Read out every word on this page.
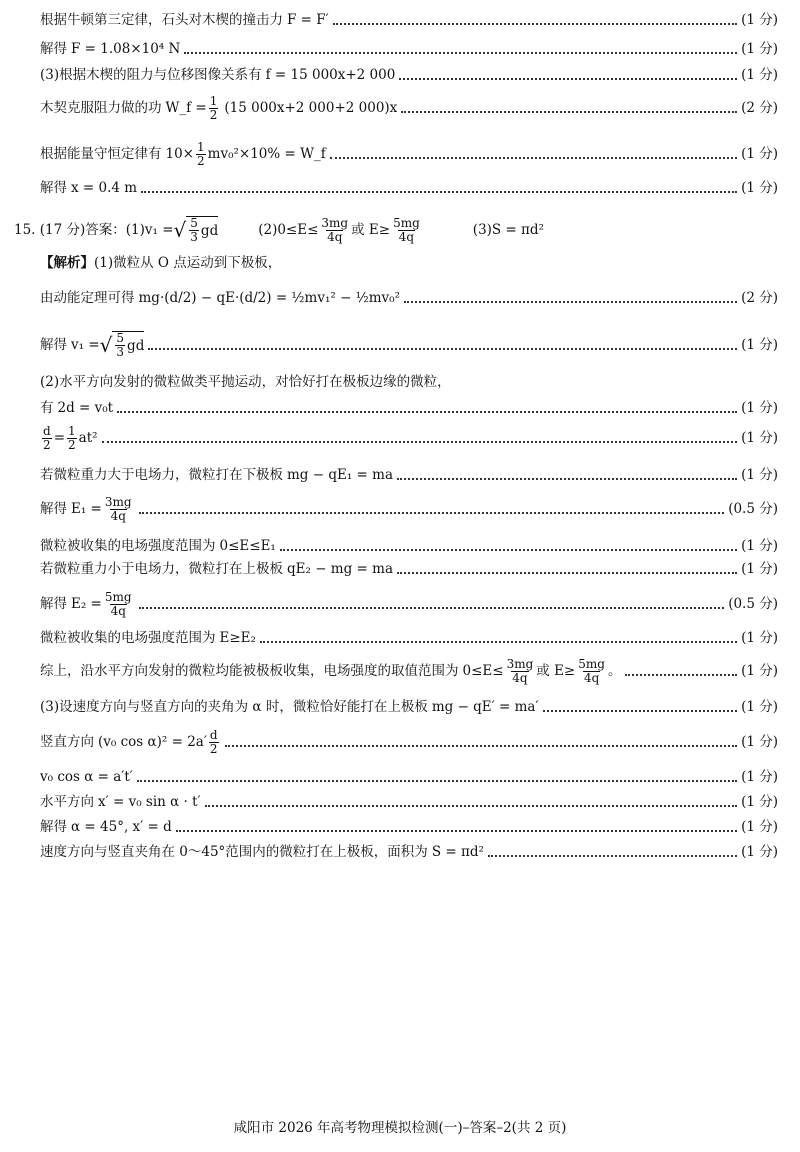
根据牛顿第三定律，石头对木楔的撞击力 F = F′	(1 分)
解得 F = 1.08×10⁴ N	(1 分)
(3)根据木楔的阻力与位移图像关系有 f = 15 000x+2 000	(1 分)
木契克服阻力做的功 W_f = $\frac{1}{2} (15$ 000x+2 000+2 000)x	(2 分)
根据能量守恒定律有 $10\times \frac{1}{2} mv_0^2\times 10\%$ = W_f	(1 分)
解得 x = 0.4 m	(1 分)
15. (17 分)答案： (1)v₁ = √ $\frac{5}{3}$ gd	$(2)0\le E\le \frac{3mg}{4q}$ 或 $E\ge \frac{5mg}{4q}$	(3)S = πd²
【解析】 (1)微粒从 O 点运动到下极板，
由动能定理可得 mg·(d/2) − qE·(d/2) = ½mv₁² − ½mv₀²	(2 分)
解得 v₁ = √ $\frac{5}{3}$ gd	(1 分)
(2)水平方向发射的微粒做类平抛运动，对恰好打在极板边缘的微粒，
有 2d = v₀t	(1 分)
$\frac{d}{2} = \frac{1}{2} at^2$	(1 分)
若微粒重力大于电场力，微粒打在下极板 mg − qE₁ = ma	(1 分)
解得 $E_1 = \frac{3mg}{4q}$	(0.5 分)
微粒被收集的电场强度范围为 0≤E≤E₁	(1 分)
若微粒重力小于电场力，微粒打在上极板 qE₂ − mg = ma	(1 分)
解得 $E_2 = \frac{5mg}{4q}$	(0.5 分)
微粒被收集的电场强度范围为 E≥E₂	(1 分)
综上，沿水平方向发射的微粒均能被极板收集，电场强度的取值范围为 $0\le E\le \frac{3mg}{4q}$ 或 $E\ge \frac{5mg}{4q}$ 。	(1 分)
(3)设速度方向与竖直方向的夹角为 α 时，微粒恰好能打在上极板 mg − qE′ = ma′	(1 分)
竖直方向 (v₀ $\cos \alpha)^2 = 2a' \frac{d}{2}$	(1 分)
v₀ cos α = a′t′	(1 分)
水平方向 x′ = v₀ sin α · t′	(1 分)
解得 α = 45°, x′ = d	(1 分)
速度方向与竖直夹角在 0～45°范围内的微粒打在上极板，面积为 S = πd²	(1 分)
咸阳市 2026 年高考物理模拟检测(一)–答案–2(共 2 页)
